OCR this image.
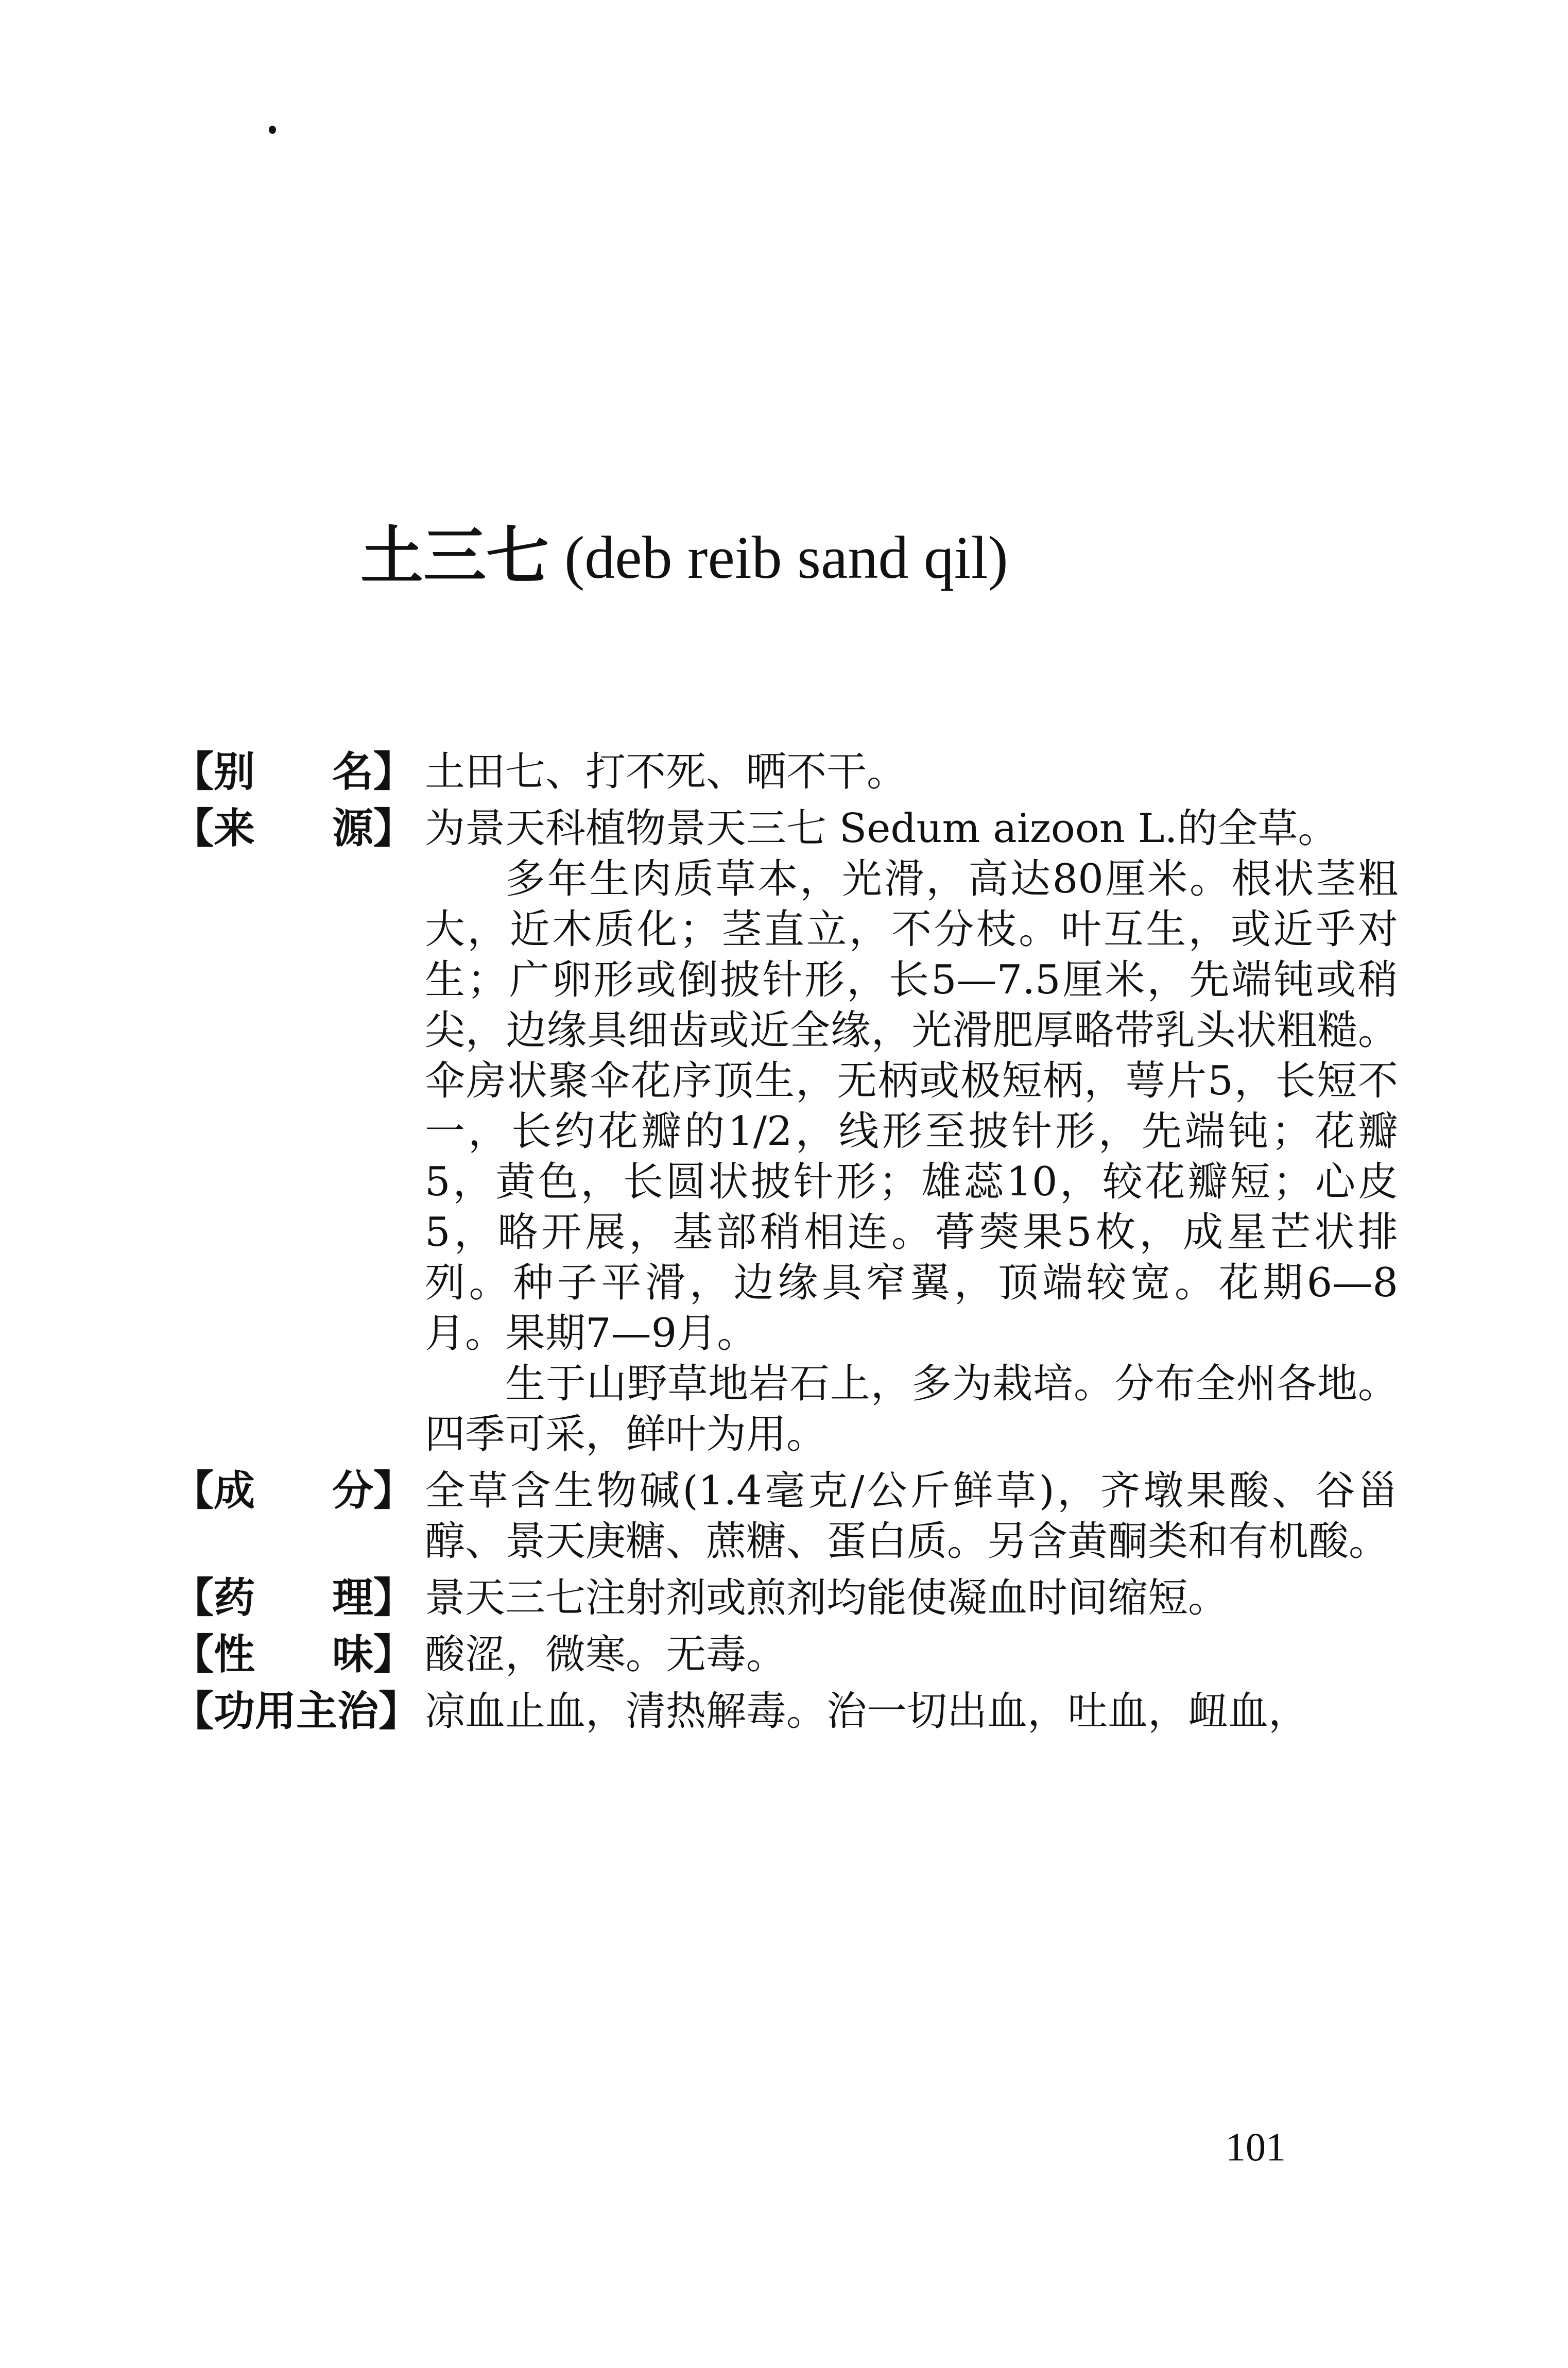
土三七 (deb reib sand qil)
【别 名】 土田七、打不死、晒不干。
【来 源】 为景天科植物景天三七 Sedum aizoon L.的全草。

多年生肉质草本，光滑，高达80厘米。根状茎粗大，近木质化；茎直立，不分枝。叶互生，或近乎对生；广卵形或倒披针形，长5—7.5厘米，先端钝或稍尖，边缘具细齿或近全缘，光滑肥厚略带乳头状粗糙。伞房状聚伞花序顶生，无柄或极短柄，萼片5，长短不一，长约花瓣的1/2，线形至披针形，先端钝；花瓣5，黄色，长圆状披针形；雄蕊10，较花瓣短；心皮5，略开展，基部稍相连。蓇葖果5枚，成星芒状排列。种子平滑，边缘具窄翼，顶端较宽。花期6—8月。果期7—9月。

生于山野草地岩石上，多为栽培。分布全州各地。四季可采，鲜叶为用。

【成 分】 全草含生物碱(1.4毫克/公斤鲜草)，齐墩果酸、谷甾醇、景天庚糖、蔗糖、蛋白质。另含黄酮类和有机酸。
【药 理】 景天三七注射剂或煎剂均能使凝血时间缩短。
【性 味】 酸涩，微寒。无毒。
【功用主治】 凉血止血，清热解毒。治一切出血，吐血，衄血，
101
